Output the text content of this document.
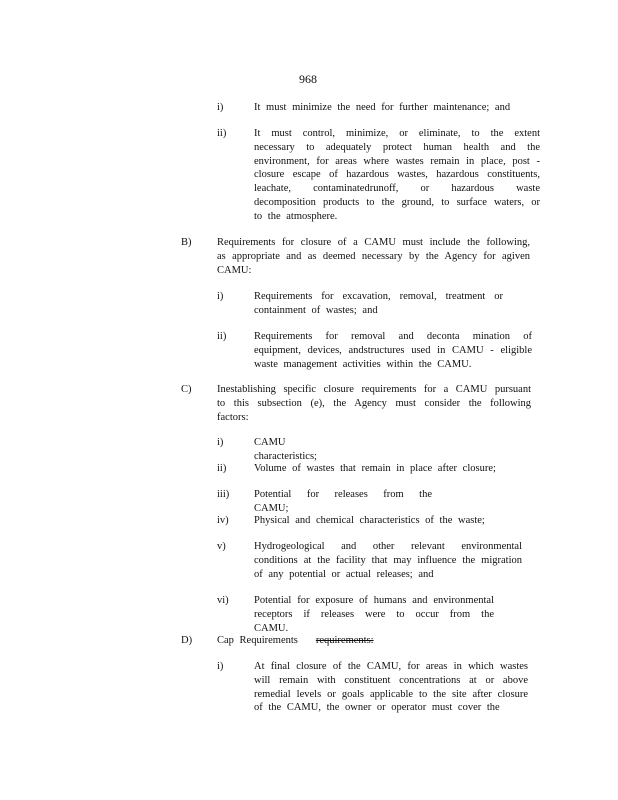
968
i)	It must minimize the need for further maintenance; and
ii)	It must control, minimize, or eliminate, to the extent
necessary to adequately protect human health and the
environment, for areas where wastes remain in place, post -
closure escape of hazardous wastes, hazardous constituents,
leachate, contaminatedrunoff, or hazardous waste
decomposition products to the ground, to surface waters, or
to the atmosphere.
B) Requirements for closure of a CAMU must include the following,
as appropriate and as deemed necessary by the Agency for agiven
CAMU:
i)	Requirements for excavation, removal, treatment or
containment of wastes; and
ii)	Requirements for removal and deconta mination of
equipment, devices, andstructures used in CAMU - eligible
waste management activities within the CAMU.
C) Inestablishing specific closure requirements for a CAMU pursuant
to this subsection (e), the Agency must consider the following
factors:
i)	CAMU characteristics;
ii)	Volume of wastes that remain in place after closure;
iii) Potential for releases from the CAMU;
iv) Physical and chemical characteristics of the waste;
v)	Hydrogeological and other relevant environmental
conditions at the facility that may influence the migration
of any potential or actual releases; and
vi) Potential for exposure of humans and environmental
receptors if releases were to occur from the CAMU.
D) Cap Requirements requirements:
i)	At final closure of the CAMU, for areas in which wastes
will remain with constituent concentrations at or above
remedial levels or goals applicable to the site after closure
of the CAMU, the owner or operator must cover the
